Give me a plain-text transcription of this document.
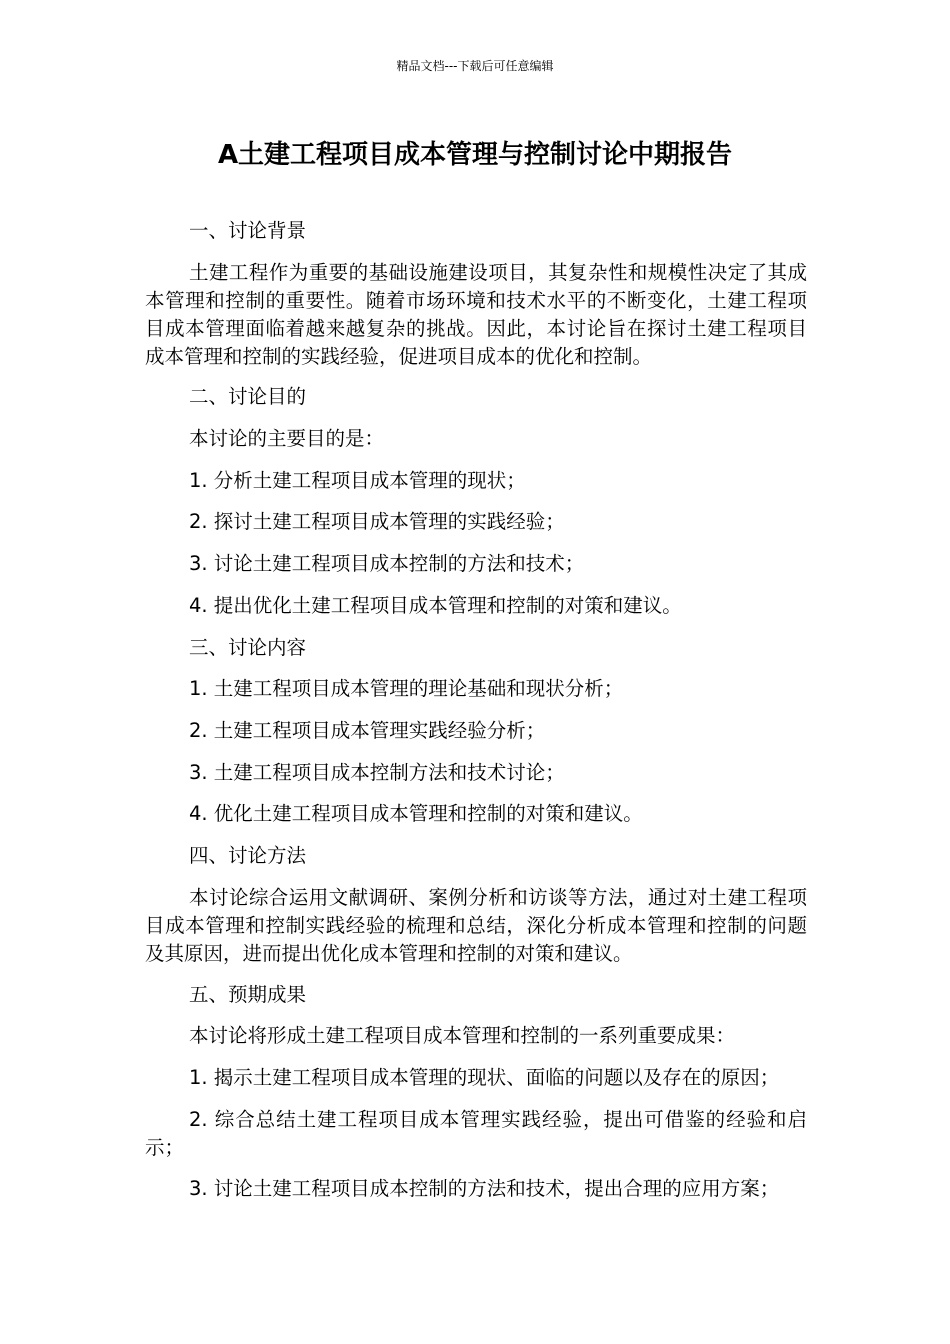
精品文档---下载后可任意编辑
A土建工程项目成本管理与控制讨论中期报告

一、讨论背景

土建工程作为重要的基础设施建设项目，其复杂性和规模性决定了其成本管理和控制的重要性。随着市场环境和技术水平的不断变化，土建工程项目成本管理面临着越来越复杂的挑战。因此，本讨论旨在探讨土建工程项目成本管理和控制的实践经验，促进项目成本的优化和控制。

二、讨论目的

本讨论的主要目的是：

1. 分析土建工程项目成本管理的现状；

2. 探讨土建工程项目成本管理的实践经验；

3. 讨论土建工程项目成本控制的方法和技术；

4. 提出优化土建工程项目成本管理和控制的对策和建议。

三、讨论内容

1. 土建工程项目成本管理的理论基础和现状分析；

2. 土建工程项目成本管理实践经验分析；

3. 土建工程项目成本控制方法和技术讨论；

4. 优化土建工程项目成本管理和控制的对策和建议。

四、讨论方法

本讨论综合运用文献调研、案例分析和访谈等方法，通过对土建工程项目成本管理和控制实践经验的梳理和总结，深化分析成本管理和控制的问题及其原因，进而提出优化成本管理和控制的对策和建议。

五、预期成果

本讨论将形成土建工程项目成本管理和控制的一系列重要成果：

1. 揭示土建工程项目成本管理的现状、面临的问题以及存在的原因；

2. 综合总结土建工程项目成本管理实践经验，提出可借鉴的经验和启示；

3. 讨论土建工程项目成本控制的方法和技术，提出合理的应用方案；
